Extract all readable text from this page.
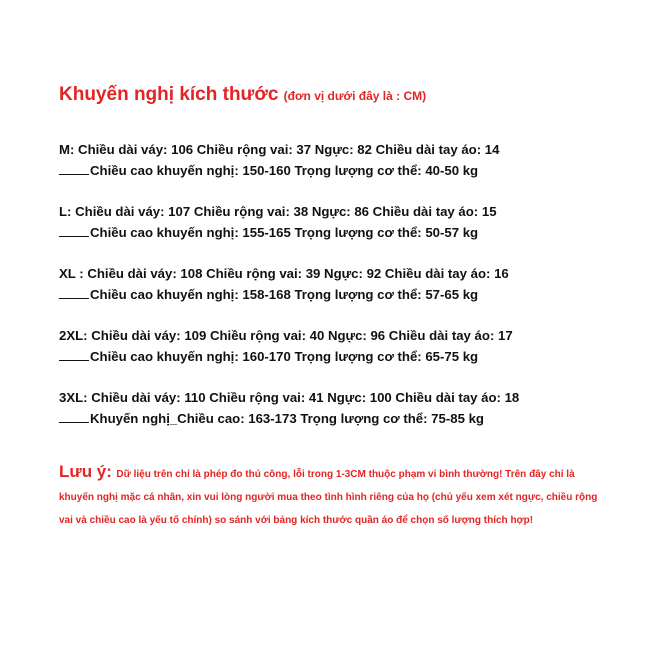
Khuyến nghị kích thước (đơn vị dưới đây là : CM)
M: Chiều dài váy: 106 Chiều rộng vai: 37 Ngực: 82 Chiều dài tay áo: 14
Chiều cao khuyến nghị: 150-160 Trọng lượng cơ thể: 40-50 kg
L: Chiều dài váy: 107 Chiều rộng vai: 38 Ngực: 86 Chiều dài tay áo: 15
Chiều cao khuyến nghị: 155-165 Trọng lượng cơ thể: 50-57 kg
XL : Chiều dài váy: 108 Chiều rộng vai: 39 Ngực: 92 Chiều dài tay áo: 16
Chiều cao khuyến nghị: 158-168 Trọng lượng cơ thể: 57-65 kg
2XL: Chiều dài váy: 109 Chiều rộng vai: 40 Ngực: 96 Chiều dài tay áo: 17
Chiều cao khuyến nghị: 160-170 Trọng lượng cơ thể: 65-75 kg
3XL: Chiều dài váy: 110 Chiều rộng vai: 41 Ngực: 100 Chiều dài tay áo: 18
Khuyến nghị_Chiều cao: 163-173 Trọng lượng cơ thể: 75-85 kg
Lưu ý: Dữ liệu trên chỉ là phép đo thủ công, lỗi trong 1-3CM thuộc phạm vi bình thường! Trên đây chỉ là khuyến nghị mặc cá nhân, xin vui lòng người mua theo tình hình riêng của họ (chủ yếu xem xét ngực, chiều rộng vai và chiều cao là yếu tố chính) so sánh với bảng kích thước quần áo để chọn số lượng thích hợp!
